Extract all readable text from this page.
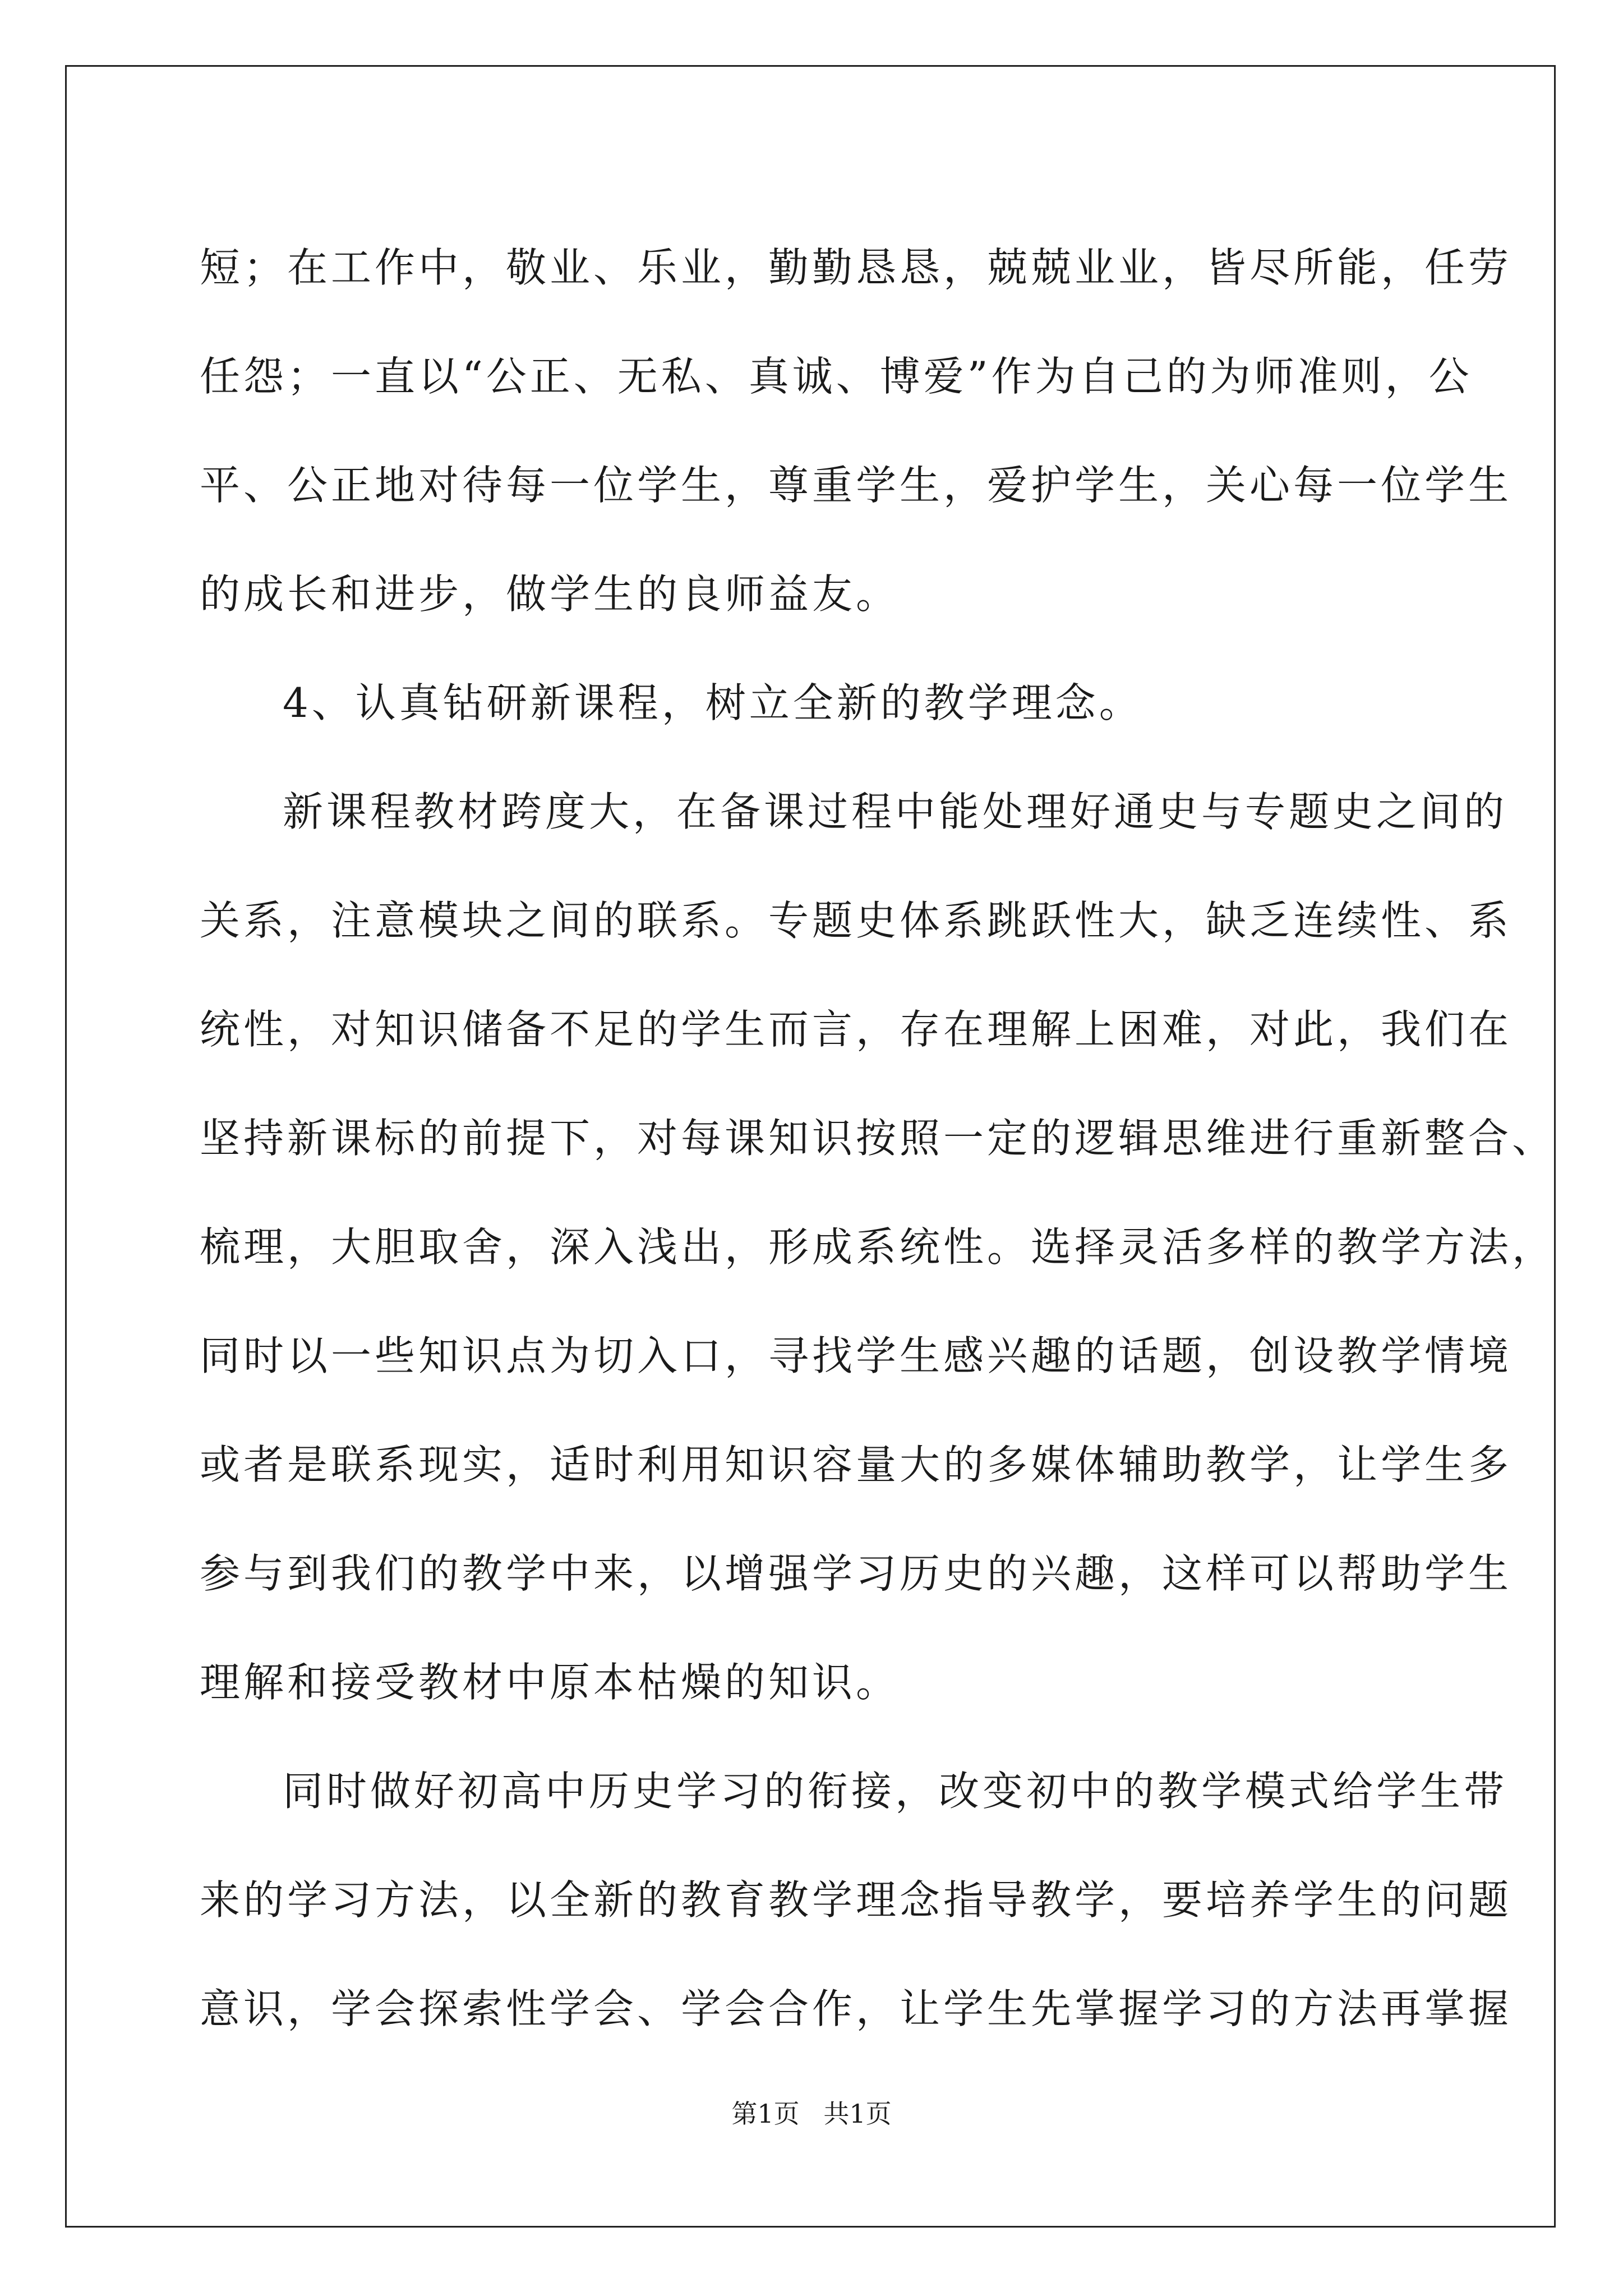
短；在工作中，敬业、乐业，勤勤恳恳，兢兢业业，皆尽所能，任劳
任怨；一直以“公正、无私、真诚、博爱”作为自己的为师准则，公
平、公正地对待每一位学生，尊重学生，爱护学生，关心每一位学生
的成长和进步，做学生的良师益友。
4、认真钻研新课程，树立全新的教学理念。
新课程教材跨度大，在备课过程中能处理好通史与专题史之间的
关系，注意模块之间的联系。专题史体系跳跃性大，缺乏连续性、系
统性，对知识储备不足的学生而言，存在理解上困难，对此，我们在
坚持新课标的前提下，对每课知识按照一定的逻辑思维进行重新整合、
梳理，大胆取舍，深入浅出，形成系统性。选择灵活多样的教学方法，
同时以一些知识点为切入口，寻找学生感兴趣的话题，创设教学情境
或者是联系现实，适时利用知识容量大的多媒体辅助教学，让学生多
参与到我们的教学中来，以增强学习历史的兴趣，这样可以帮助学生
理解和接受教材中原本枯燥的知识。
同时做好初高中历史学习的衔接，改变初中的教学模式给学生带
来的学习方法，以全新的教育教学理念指导教学，要培养学生的问题
意识，学会探索性学会、学会合作，让学生先掌握学习的方法再掌握
第1页 共1页
